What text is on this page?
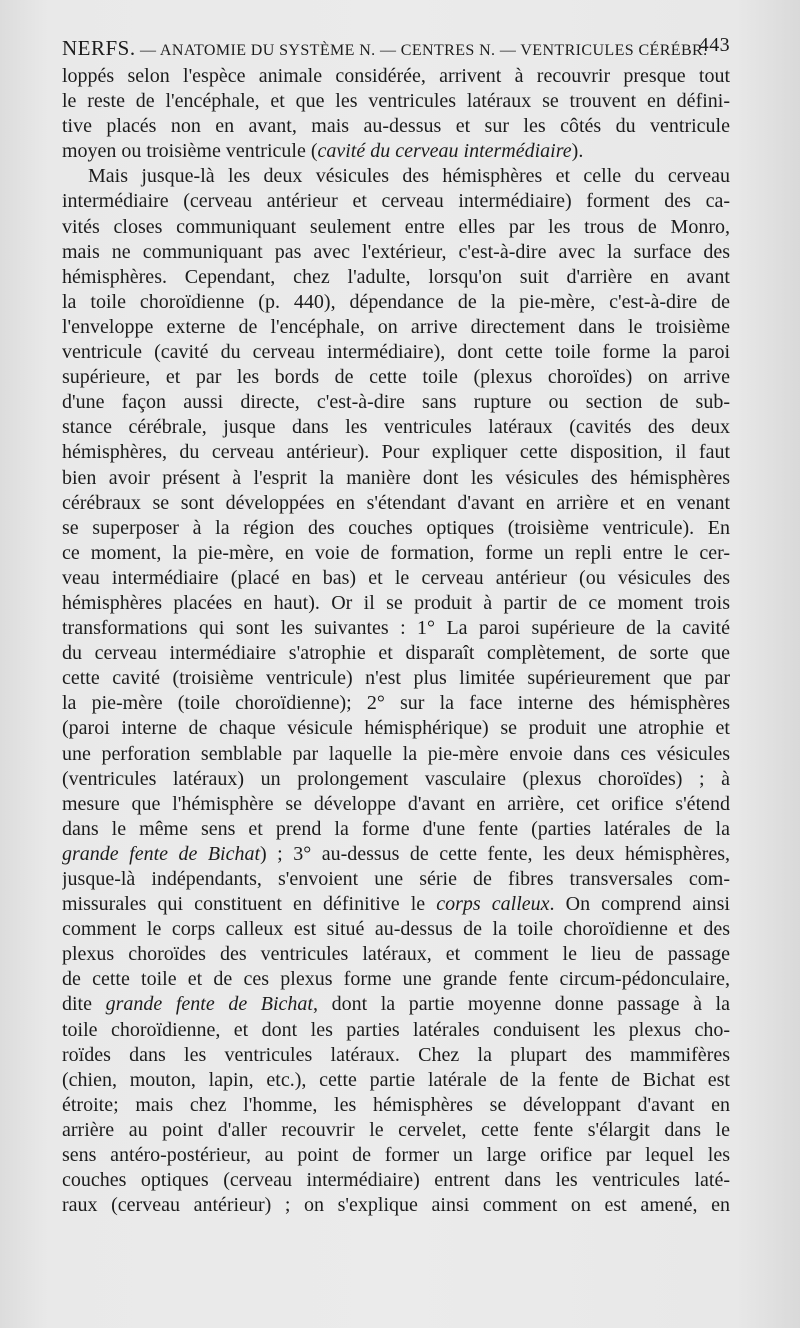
NERFS. — ANATOMIE DU SYSTÈME N. — CENTRES N. — VENTRICULES CÉRÉBR.
443
loppés selon l'espèce animale considérée, arrivent à recouvrir presque tout
le reste de l'encéphale, et que les ventricules latéraux se trouvent en défini-
tive placés non en avant, mais au-dessus et sur les côtés du ventricule
moyen ou troisième ventricule (cavité du cerveau intermédiaire).
Mais jusque-là les deux vésicules des hémisphères et celle du cerveau
intermédiaire (cerveau antérieur et cerveau intermédiaire) forment des ca-
vités closes communiquant seulement entre elles par les trous de Monro,
mais ne communiquant pas avec l'extérieur, c'est-à-dire avec la surface des
hémisphères. Cependant, chez l'adulte, lorsqu'on suit d'arrière en avant
la toile choroïdienne (p. 440), dépendance de la pie-mère, c'est-à-dire de
l'enveloppe externe de l'encéphale, on arrive directement dans le troisième
ventricule (cavité du cerveau intermédiaire), dont cette toile forme la paroi
supérieure, et par les bords de cette toile (plexus choroïdes) on arrive
d'une façon aussi directe, c'est-à-dire sans rupture ou section de sub-
stance cérébrale, jusque dans les ventricules latéraux (cavités des deux
hémisphères, du cerveau antérieur). Pour expliquer cette disposition, il faut
bien avoir présent à l'esprit la manière dont les vésicules des hémisphères
cérébraux se sont développées en s'étendant d'avant en arrière et en venant
se superposer à la région des couches optiques (troisième ventricule). En
ce moment, la pie-mère, en voie de formation, forme un repli entre le cer-
veau intermédiaire (placé en bas) et le cerveau antérieur (ou vésicules des
hémisphères placées en haut). Or il se produit à partir de ce moment trois
transformations qui sont les suivantes : 1° La paroi supérieure de la cavité
du cerveau intermédiaire s'atrophie et disparaît complètement, de sorte que
cette cavité (troisième ventricule) n'est plus limitée supérieurement que par
la pie-mère (toile choroïdienne); 2° sur la face interne des hémisphères
(paroi interne de chaque vésicule hémisphérique) se produit une atrophie et
une perforation semblable par laquelle la pie-mère envoie dans ces vésicules
(ventricules latéraux) un prolongement vasculaire (plexus choroïdes) ; à
mesure que l'hémisphère se développe d'avant en arrière, cet orifice s'étend
dans le même sens et prend la forme d'une fente (parties latérales de la
grande fente de Bichat) ; 3° au-dessus de cette fente, les deux hémisphères,
jusque-là indépendants, s'envoient une série de fibres transversales com-
missurales qui constituent en définitive le corps calleux. On comprend ainsi
comment le corps calleux est situé au-dessus de la toile choroïdienne et des
plexus choroïdes des ventricules latéraux, et comment le lieu de passage
de cette toile et de ces plexus forme une grande fente circum-pédonculaire,
dite grande fente de Bichat, dont la partie moyenne donne passage à la
toile choroïdienne, et dont les parties latérales conduisent les plexus cho-
roïdes dans les ventricules latéraux. Chez la plupart des mammifères
(chien, mouton, lapin, etc.), cette partie latérale de la fente de Bichat est
étroite; mais chez l'homme, les hémisphères se développant d'avant en
arrière au point d'aller recouvrir le cervelet, cette fente s'élargit dans le
sens antéro-postérieur, au point de former un large orifice par lequel les
couches optiques (cerveau intermédiaire) entrent dans les ventricules laté-
raux (cerveau antérieur) ; on s'explique ainsi comment on est amené, en
